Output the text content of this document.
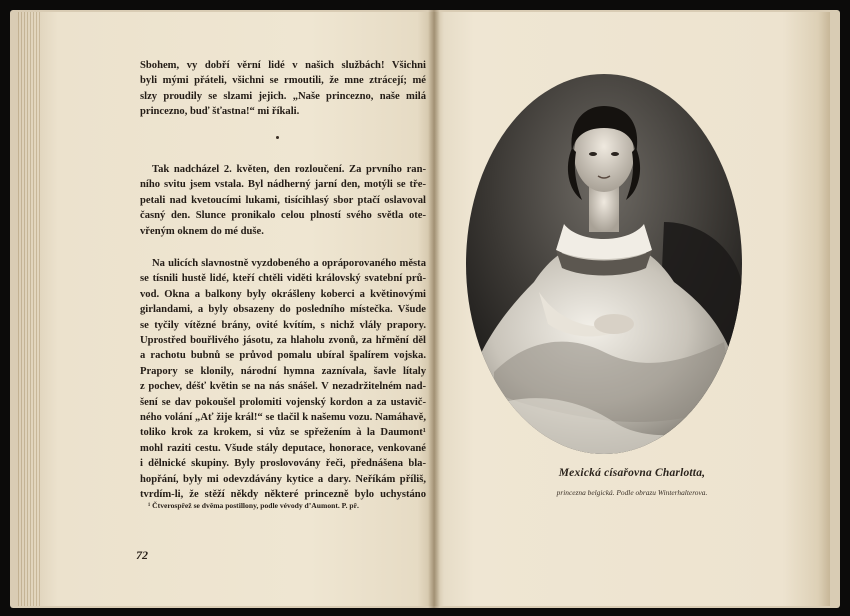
Sbohem, vy dobří věrní lidé v našich službách! Všichni

byli mými přáteli, všichni se rmoutili, že mne ztrácejí; mé

slzy proudily se slzami jejich. „Naše princezno, naše milá

princezno, buď šťastna!“ mi říkali.

Tak nadcházel 2. květen, den rozloučení. Za prvního ran-

ního svitu jsem vstala. Byl nádherný jarní den, motýli se tře-

petali nad kvetoucími lukami, tisícihlasý sbor ptačí oslavoval

časný den. Slunce pronikalo celou plností svého světla ote-

vřeným oknem do mé duše.

Na ulicích slavnostně vyzdobeného a opráporovaného města

se tísnili hustě lidé, kteří chtěli viděti královský svatební prů-

vod. Okna a balkony byly okrášleny koberci a květinovými

girlandami, a byly obsazeny do posledního místečka. Všude

se tyčily vítězné brány, ovité kvítím, s nichž vlály prapory.

Uprostřed bouřlivého jásotu, za hlaholu zvonů, za hřmění děl

a rachotu bubnů se průvod pomalu ubíral špalírem vojska.

Prapory se klonily, národní hymna zaznívala, šavle lítaly

z pochev, déšť květin se na nás snášel. V nezadržitelném nad-

šení se dav pokoušel prolomiti vojenský kordon a za ustavič-

ného volání „Ať žije král!“ se tlačil k našemu vozu. Namáhavě,

toliko krok za krokem, si vůz se spřežením à la Daumont¹

mohl raziti cestu. Všude stály deputace, honorace, venkované

i dělnické skupiny. Byly proslovovány řeči, přednášena bla-

hopřání, byly mi odevzdávány kytice a dary. Neříkám příliš,

tvrdím-li, že stěží někdy některé princezně bylo uchystáno

¹ Čtverospřež se dvěma postillony, podle vévody d’Aumont. P. př.
72
Mexická císařovna Charlotta,
princezna belgická. Podle obrazu Winterhalterova.
